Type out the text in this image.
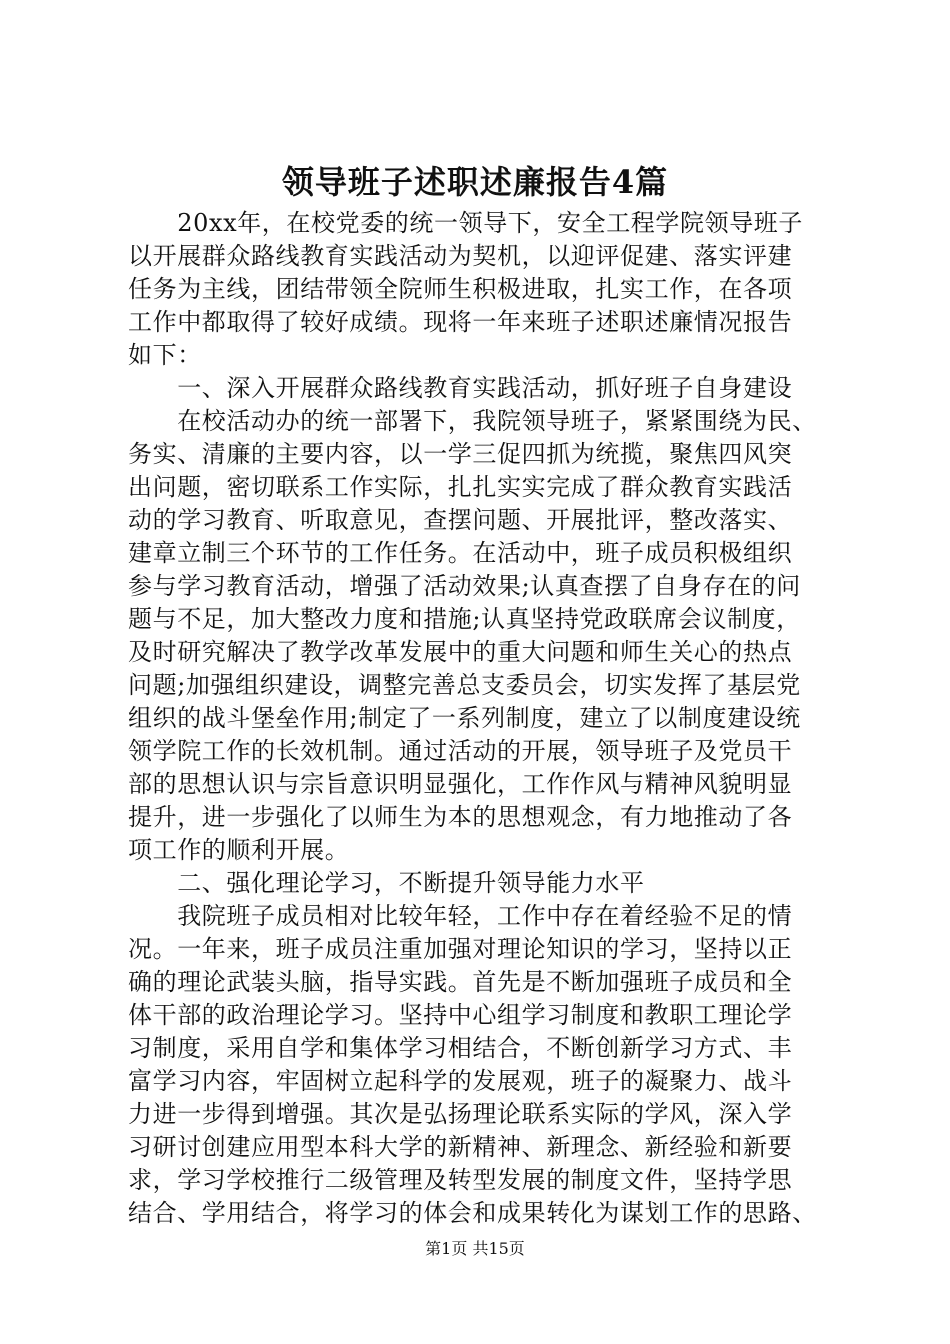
领导班子述职述廉报告4篇
　　20xx年，在校党委的统一领导下，安全工程学院领导班子
以开展群众路线教育实践活动为契机，以迎评促建、落实评建
任务为主线，团结带领全院师生积极进取，扎实工作，在各项
工作中都取得了较好成绩。现将一年来班子述职述廉情况报告
如下：
　　一、深入开展群众路线教育实践活动，抓好班子自身建设
　　在校活动办的统一部署下，我院领导班子，紧紧围绕为民、
务实、清廉的主要内容，以一学三促四抓为统揽，聚焦四风突
出问题，密切联系工作实际，扎扎实实完成了群众教育实践活
动的学习教育、听取意见，查摆问题、开展批评，整改落实、
建章立制三个环节的工作任务。在活动中，班子成员积极组织
参与学习教育活动，增强了活动效果;认真查摆了自身存在的问
题与不足，加大整改力度和措施;认真坚持党政联席会议制度，
及时研究解决了教学改革发展中的重大问题和师生关心的热点
问题;加强组织建设，调整完善总支委员会，切实发挥了基层党
组织的战斗堡垒作用;制定了一系列制度，建立了以制度建设统
领学院工作的长效机制。通过活动的开展，领导班子及党员干
部的思想认识与宗旨意识明显强化，工作作风与精神风貌明显
提升，进一步强化了以师生为本的思想观念，有力地推动了各
项工作的顺利开展。
　　二、强化理论学习，不断提升领导能力水平
　　我院班子成员相对比较年轻，工作中存在着经验不足的情
况。一年来，班子成员注重加强对理论知识的学习，坚持以正
确的理论武装头脑，指导实践。首先是不断加强班子成员和全
体干部的政治理论学习。坚持中心组学习制度和教职工理论学
习制度，采用自学和集体学习相结合，不断创新学习方式、丰
富学习内容，牢固树立起科学的发展观，班子的凝聚力、战斗
力进一步得到增强。其次是弘扬理论联系实际的学风，深入学
习研讨创建应用型本科大学的新精神、新理念、新经验和新要
求，学习学校推行二级管理及转型发展的制度文件，坚持学思
结合、学用结合，将学习的体会和成果转化为谋划工作的思路、
第1页 共15页
